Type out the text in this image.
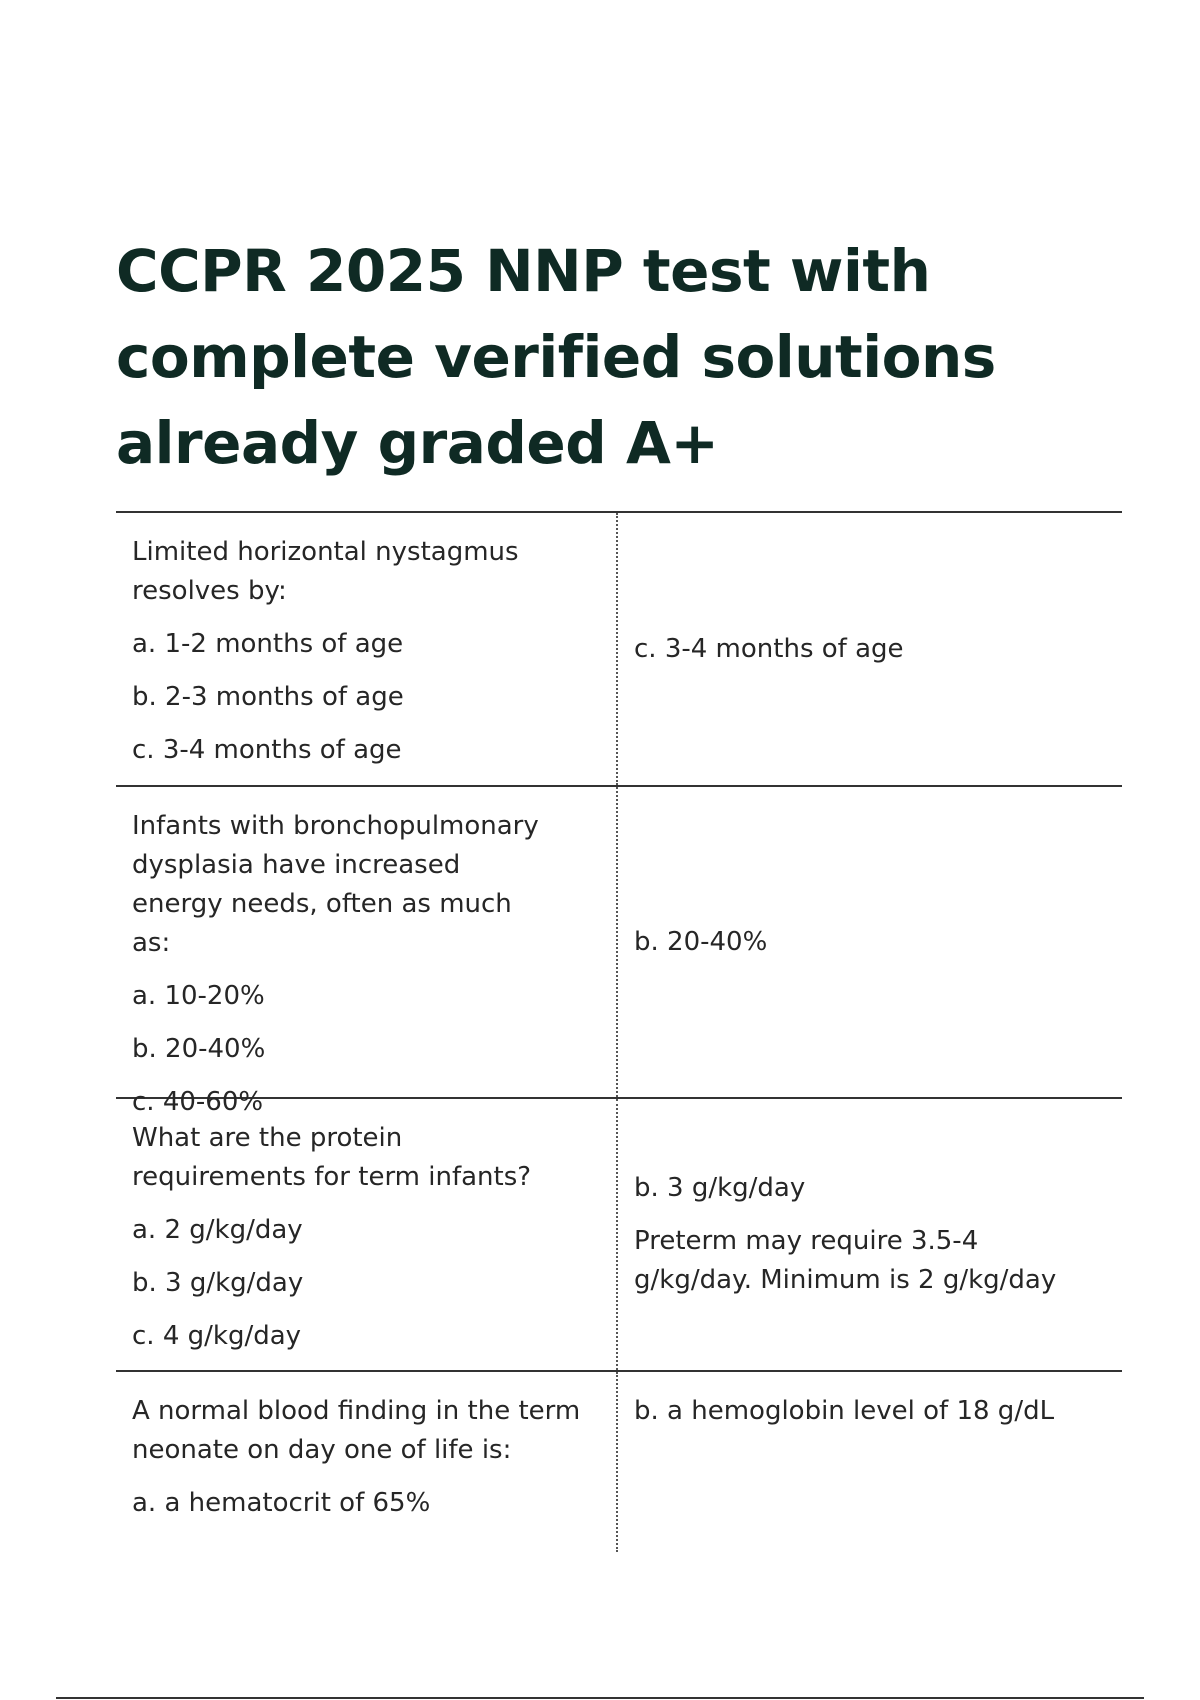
CCPR 2025 NNP test with complete verified solutions already graded A+

Limited horizontal nystagmus resolves by:

a. 1-2 months of age

b. 2-3 months of age

c. 3-4 months of age

c. 3-4 months of age

Infants with bronchopulmonary dysplasia have increased energy needs, often as much as:

a. 10-20%

b. 20-40%

c. 40-60%

b. 20-40%

What are the protein requirements for term infants?

a. 2 g/kg/day

b. 3 g/kg/day

c. 4 g/kg/day

b. 3 g/kg/day

Preterm may require 3.5-4 g/kg/day. Minimum is 2 g/kg/day

A normal blood finding in the term neonate on day one of life is:

a. a hematocrit of 65%

b. a hemoglobin level of 18 g/dL
